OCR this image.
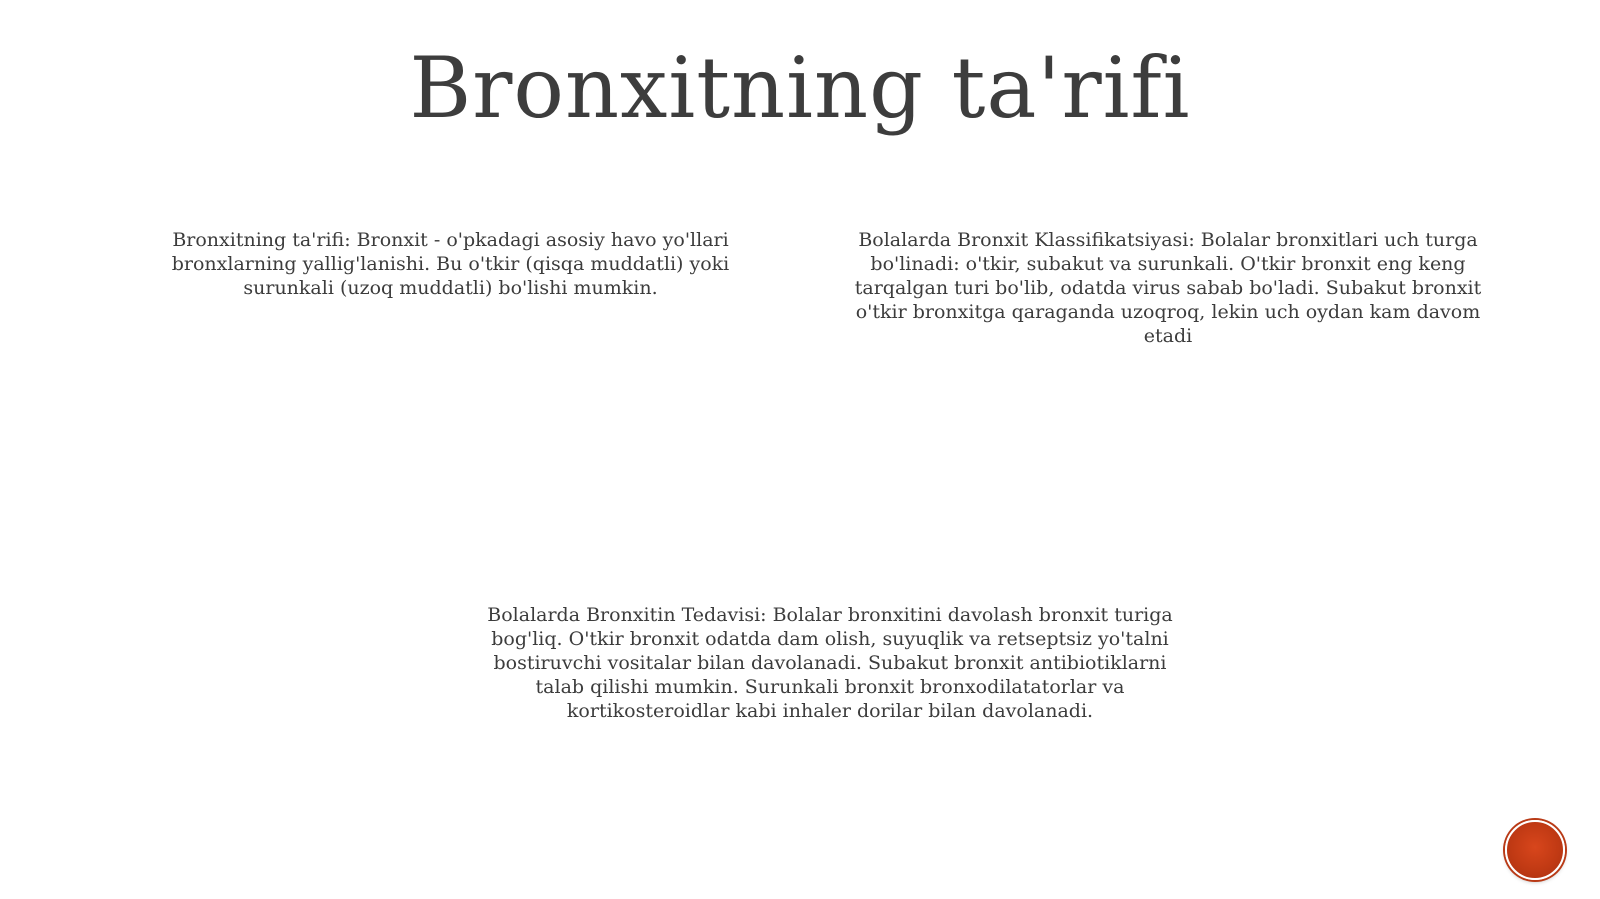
Bronxitning ta'rifi

Bronxitning ta'rifi: Bronxit - o'pkadagi asosiy havo yo'llari bronxlarning yallig'lanishi. Bu o'tkir (qisqa muddatli) yoki surunkali (uzoq muddatli) bo'lishi mumkin.

Bolalarda Bronxit Klassifikatsiyasi: Bolalar bronxitlari uch turga bo'linadi: o'tkir, subakut va surunkali. O'tkir bronxit eng keng tarqalgan turi bo'lib, odatda virus sabab bo'ladi. Subakut bronxit o'tkir bronxitga qaraganda uzoqroq, lekin uch oydan kam davom etadi

Bolalarda Bronxitin Tedavisi: Bolalar bronxitini davolash bronxit turiga bog'liq. O'tkir bronxit odatda dam olish, suyuqlik va retseptsiz yo'talni bostiruvchi vositalar bilan davolanadi. Subakut bronxit antibiotiklarni talab qilishi mumkin. Surunkali bronxit bronxodilatatorlar va kortikosteroidlar kabi inhaler dorilar bilan davolanadi.
